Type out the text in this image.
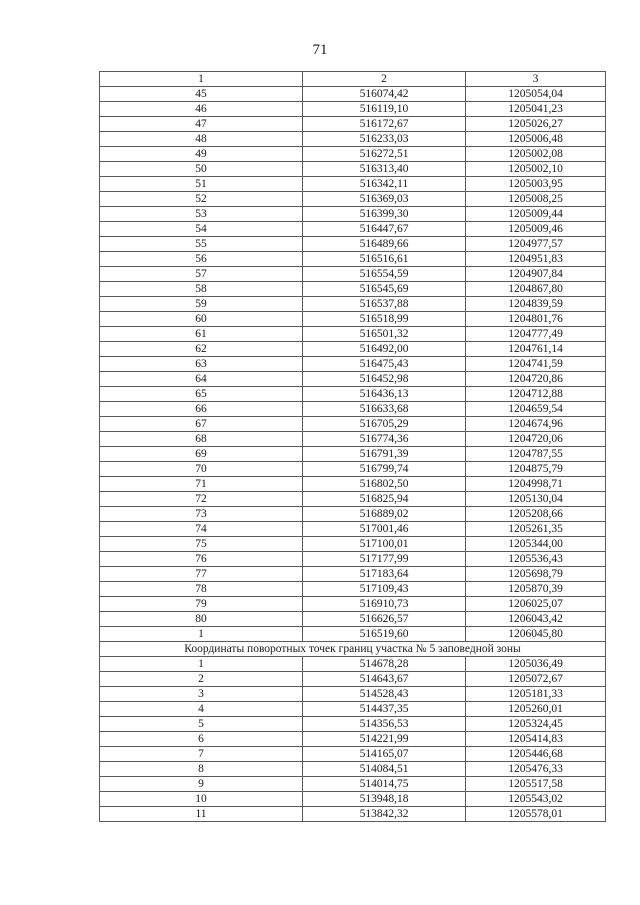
71
1	2	3
45	516074,42	1205054,04
46	516119,10	1205041,23
47	516172,67	1205026,27
48	516233,03	1205006,48
49	516272,51	1205002,08
50	516313,40	1205002,10
51	516342,11	1205003,95
52	516369,03	1205008,25
53	516399,30	1205009,44
54	516447,67	1205009,46
55	516489,66	1204977,57
56	516516,61	1204951,83
57	516554,59	1204907,84
58	516545,69	1204867,80
59	516537,88	1204839,59
60	516518,99	1204801,76
61	516501,32	1204777,49
62	516492,00	1204761,14
63	516475,43	1204741,59
64	516452,98	1204720,86
65	516436,13	1204712,88
66	516633,68	1204659,54
67	516705,29	1204674,96
68	516774,36	1204720,06
69	516791,39	1204787,55
70	516799,74	1204875,79
71	516802,50	1204998,71
72	516825,94	1205130,04
73	516889,02	1205208,66
74	517001,46	1205261,35
75	517100,01	1205344,00
76	517177,99	1205536,43
77	517183,64	1205698,79
78	517109,43	1205870,39
79	516910,73	1206025,07
80	516626,57	1206043,42
1	516519,60	1206045,80
Координаты поворотных точек границ участка № 5 заповедной зоны		
1	514678,28	1205036,49
2	514643,67	1205072,67
3	514528,43	1205181,33
4	514437,35	1205260,01
5	514356,53	1205324,45
6	514221,99	1205414,83
7	514165,07	1205446,68
8	514084,51	1205476,33
9	514014,75	1205517,58
10	513948,18	1205543,02
11	513842,32	1205578,01
